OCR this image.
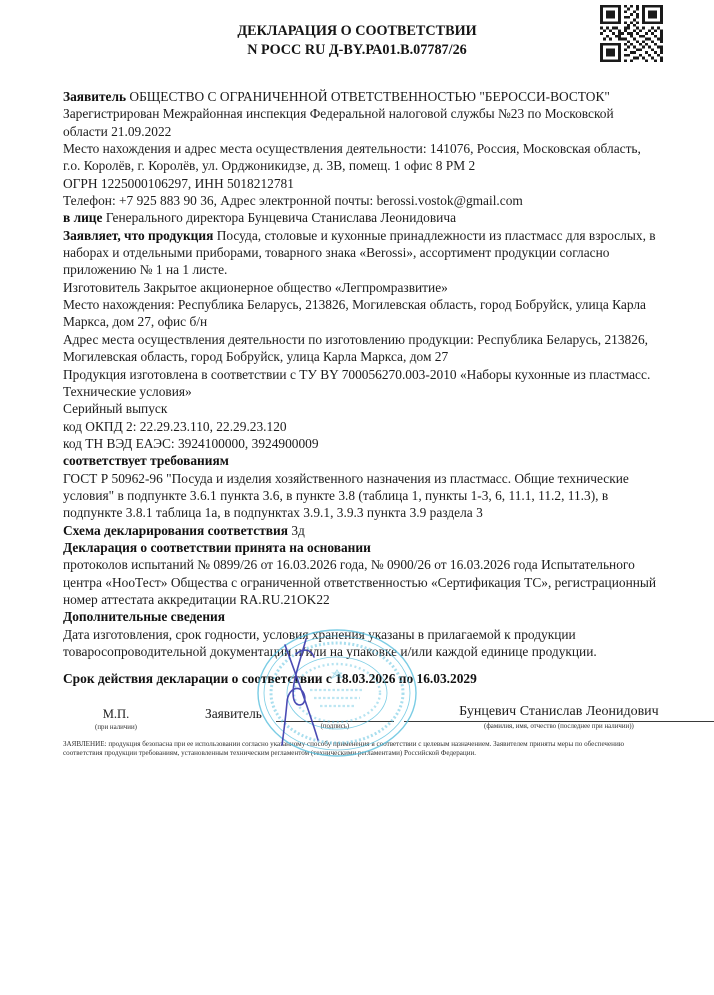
ДЕКЛАРАЦИЯ О СООТВЕТСТВИИ
N РОСС RU Д-BY.РА01.В.07787/26

Заявитель ОБЩЕСТВО С ОГРАНИЧЕННОЙ ОТВЕТСТВЕННОСТЬЮ "БЕРОССИ-ВОСТОК"

Зарегистрирован Межрайонная инспекция Федеральной налоговой службы №23 по Московской области 21.09.2022

Место нахождения и адрес места осуществления деятельности: 141076, Россия, Московская область, г.о. Королёв, г. Королёв, ул. Орджоникидзе, д. 3В, помещ. 1 офис 8 РМ 2

ОГРН 1225000106297, ИНН 5018212781

Телефон: +7 925 883 90 36, Адрес электронной почты: berossi.vostok@gmail.com

в лице Генерального директора Бунцевича Станислава Леонидовича

Заявляет, что продукция Посуда, столовые и кухонные принадлежности из пластмасс для взрослых, в наборах и отдельными приборами, товарного знака «Berossi», ассортимент продукции согласно приложению № 1 на 1 листе.

Изготовитель Закрытое акционерное общество «Легпромразвитие»

Место нахождения: Республика Беларусь, 213826, Могилевская область, город Бобруйск, улица Карла Маркса, дом 27, офис б/н

Адрес места осуществления деятельности по изготовлению продукции: Республика Беларусь, 213826, Могилевская область, город Бобруйск, улица Карла Маркса, дом 27

Продукция изготовлена в соответствии с ТУ BY 700056270.003-2010 «Наборы кухонные из пластмасс. Технические условия»

Серийный выпуск

код ОКПД 2: 22.29.23.110, 22.29.23.120

код ТН ВЭД ЕАЭС: 3924100000, 3924900009

соответствует требованиям

ГОСТ Р 50962-96 "Посуда и изделия хозяйственного назначения из пластмасс. Общие технические условия" в подпункте 3.6.1 пункта 3.6, в пункте 3.8 (таблица 1, пункты 1-3, 6, 11.1, 11.2, 11.3), в подпункте 3.8.1 таблица 1а, в подпунктах 3.9.1, 3.9.3 пункта 3.9 раздела 3

Схема декларирования соответствия 3д

Декларация о соответствии принята на основании

протоколов испытаний № 0899/26 от 16.03.2026 года, № 0900/26 от 16.03.2026 года Испытательного центра «НооТест» Общества с ограниченной ответственностью «Сертификация ТС», регистрационный номер аттестата аккредитации RA.RU.21OK22

Дополнительные сведения

Дата изготовления, срок годности, условия хранения указаны в прилагаемой к продукции товаросопроводительной документации и/или на упаковке и/или каждой единице продукции.

Срок действия декларации о соответствии с 18.03.2026 по 16.03.2029

М.П.
(при наличии)
Заявитель
(подпись)
Бунцевич Станислав Леонидович
(фамилия, имя, отчество (последнее при наличии))
ЗАЯВЛЕНИЕ: продукция безопасна при ее использовании согласно указанному способу применения в соответствии с целевым назначением. Заявителем приняты меры по обеспечению соответствия продукции требованиям, установленным техническим регламентом (техническими регламентами) Российской Федерации.
